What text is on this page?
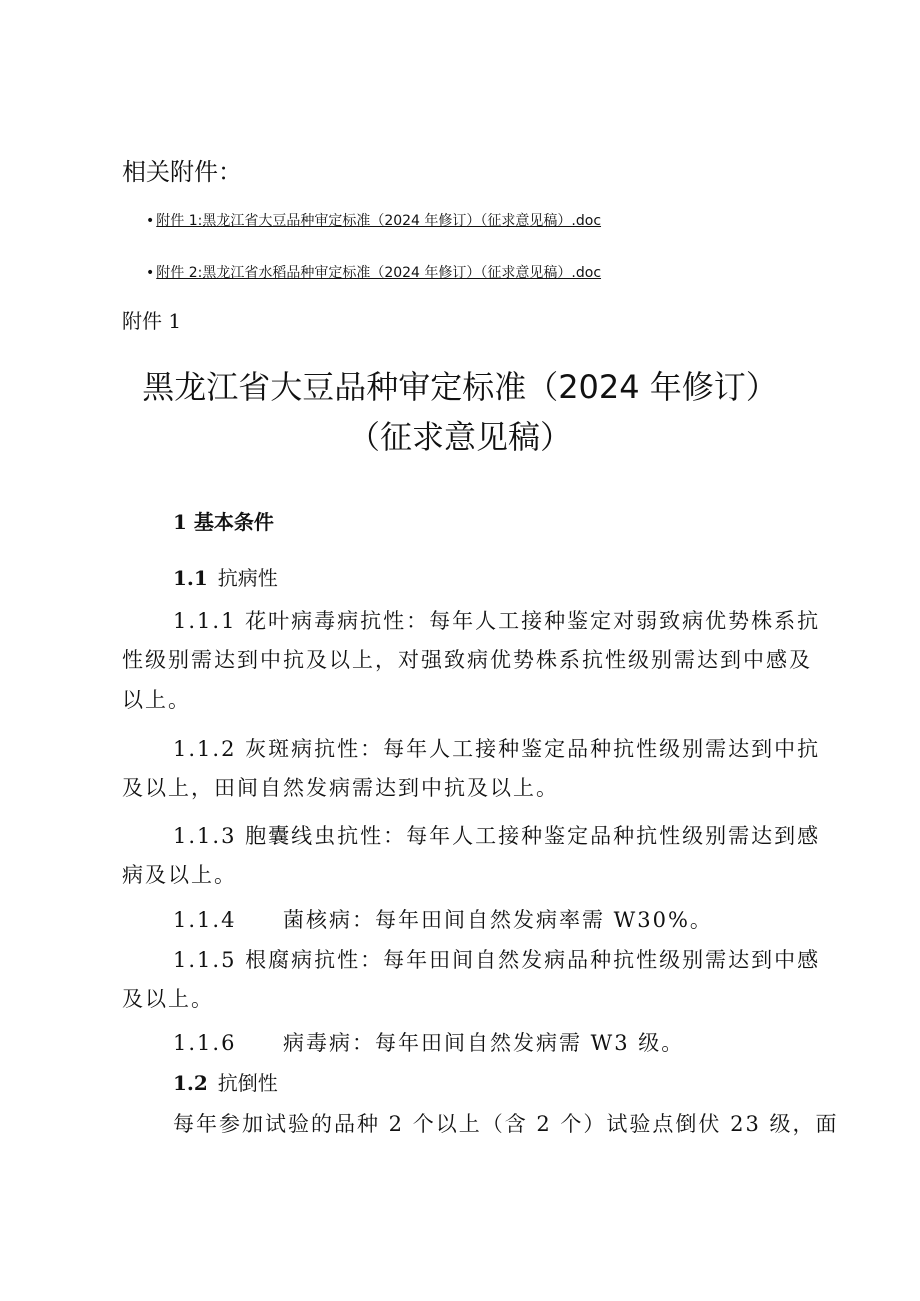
相关附件：
• 附件 1:黑龙江省大豆品种审定标准（2024 年修订）（征求意见稿）.doc
• 附件 2:黑龙江省水稻品种审定标准（2024 年修订）（征求意见稿）.doc
附件 1
黑龙江省大豆品种审定标准（2024 年修订）
（征求意见稿）
1 基本条件
1.1 抗病性
1.1.1 花叶病毒病抗性：每年人工接种鉴定对弱致病优势株系抗
性级别需达到中抗及以上，对强致病优势株系抗性级别需达到中感及
以上。
1.1.2 灰斑病抗性：每年人工接种鉴定品种抗性级别需达到中抗
及以上，田间自然发病需达到中抗及以上。
1.1.3 胞囊线虫抗性：每年人工接种鉴定品种抗性级别需达到感
病及以上。
1.1.4 菌核病：每年田间自然发病率需 W30%。
1.1.5 根腐病抗性：每年田间自然发病品种抗性级别需达到中感
及以上。
1.1.6 病毒病：每年田间自然发病需 W3 级。
1.2 抗倒性
每年参加试验的品种 2 个以上（含 2 个）试验点倒伏 23 级，面
